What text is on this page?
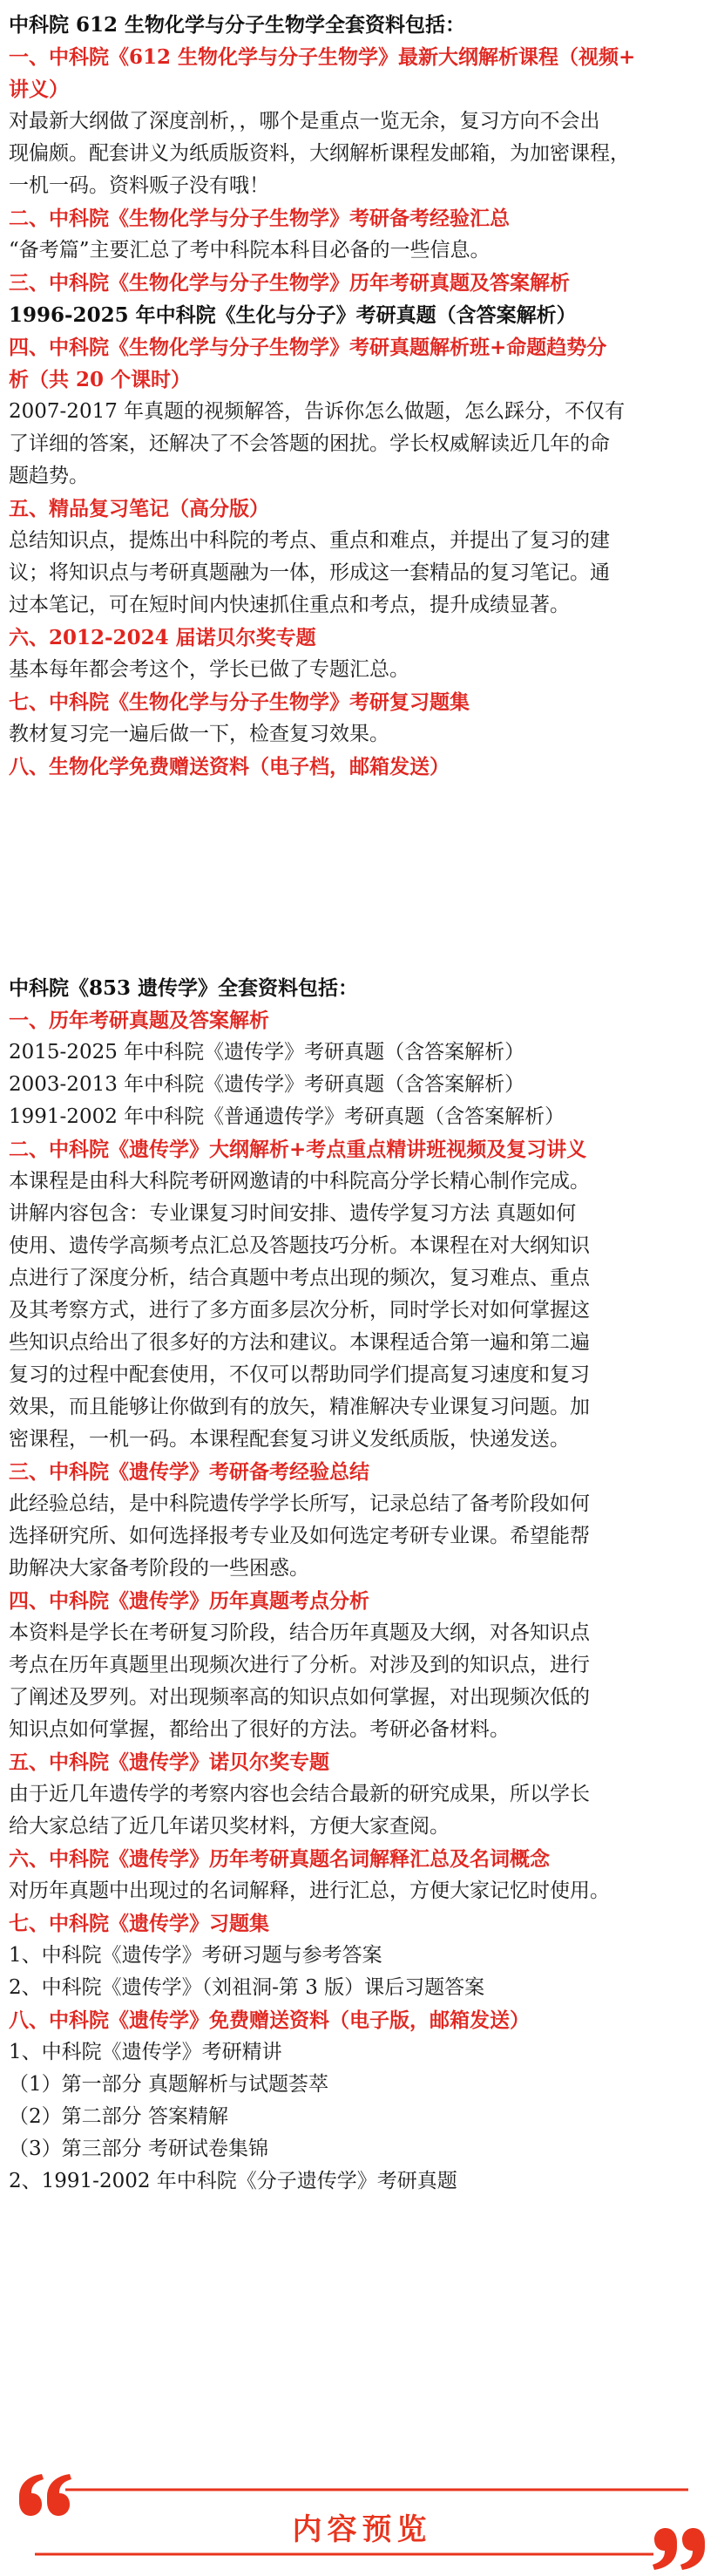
中科院 612 生物化学与分子生物学全套资料包括：
一、中科院《612 生物化学与分子生物学》最新大纲解析课程（视频+
讲义）
对最新大纲做了深度剖析，，哪个是重点一览无余，复习方向不会出
现偏颇。配套讲义为纸质版资料，大纲解析课程发邮箱，为加密课程，
一机一码。资料贩子没有哦！
二、中科院《生物化学与分子生物学》考研备考经验汇总
“备考篇”主要汇总了考中科院本科目必备的一些信息。
三、中科院《生物化学与分子生物学》历年考研真题及答案解析
1996-2025 年中科院《生化与分子》考研真题（含答案解析）
四、中科院《生物化学与分子生物学》考研真题解析班+命题趋势分
析（共 20 个课时）
2007-2017 年真题的视频解答，告诉你怎么做题，怎么踩分，不仅有
了详细的答案，还解决了不会答题的困扰。学长权威解读近几年的命
题趋势。
五、精品复习笔记（高分版）
总结知识点，提炼出中科院的考点、重点和难点，并提出了复习的建
议；将知识点与考研真题融为一体，形成这一套精品的复习笔记。通
过本笔记，可在短时间内快速抓住重点和考点，提升成绩显著。
六、2012-2024 届诺贝尔奖专题
基本每年都会考这个，学长已做了专题汇总。
七、中科院《生物化学与分子生物学》考研复习题集
教材复习完一遍后做一下，检查复习效果。
八、生物化学免费赠送资料（电子档，邮箱发送）
中科院《853 遗传学》全套资料包括：
一、历年考研真题及答案解析
2015-2025 年中科院《遗传学》考研真题（含答案解析）
2003-2013 年中科院《遗传学》考研真题（含答案解析）
1991-2002 年中科院《普通遗传学》考研真题（含答案解析）
二、中科院《遗传学》大纲解析+考点重点精讲班视频及复习讲义
本课程是由科大科院考研网邀请的中科院高分学长精心制作完成。
讲解内容包含：专业课复习时间安排、遗传学复习方法 真题如何
使用、遗传学高频考点汇总及答题技巧分析。本课程在对大纲知识
点进行了深度分析，结合真题中考点出现的频次，复习难点、重点
及其考察方式，进行了多方面多层次分析，同时学长对如何掌握这
些知识点给出了很多好的方法和建议。本课程适合第一遍和第二遍
复习的过程中配套使用，不仅可以帮助同学们提高复习速度和复习
效果，而且能够让你做到有的放矢，精准解决专业课复习问题。加
密课程，一机一码。本课程配套复习讲义发纸质版，快递发送。
三、中科院《遗传学》考研备考经验总结
此经验总结，是中科院遗传学学长所写，记录总结了备考阶段如何
选择研究所、如何选择报考专业及如何选定考研专业课。希望能帮
助解决大家备考阶段的一些困惑。
四、中科院《遗传学》历年真题考点分析
本资料是学长在考研复习阶段，结合历年真题及大纲，对各知识点
考点在历年真题里出现频次进行了分析。对涉及到的知识点，进行
了阐述及罗列。对出现频率高的知识点如何掌握，对出现频次低的
知识点如何掌握，都给出了很好的方法。考研必备材料。
五、中科院《遗传学》诺贝尔奖专题
由于近几年遗传学的考察内容也会结合最新的研究成果，所以学长
给大家总结了近几年诺贝奖材料，方便大家查阅。
六、中科院《遗传学》历年考研真题名词解释汇总及名词概念
对历年真题中出现过的名词解释，进行汇总，方便大家记忆时使用。
七、中科院《遗传学》习题集
1、中科院《遗传学》考研习题与参考答案
2、中科院《遗传学》（刘祖洞-第 3 版）课后习题答案
八、中科院《遗传学》免费赠送资料（电子版，邮箱发送）
1、中科院《遗传学》考研精讲
（1）第一部分 真题解析与试题荟萃
（2）第二部分 答案精解
（3）第三部分 考研试卷集锦
2、1991-2002 年中科院《分子遗传学》考研真题
内容预览
